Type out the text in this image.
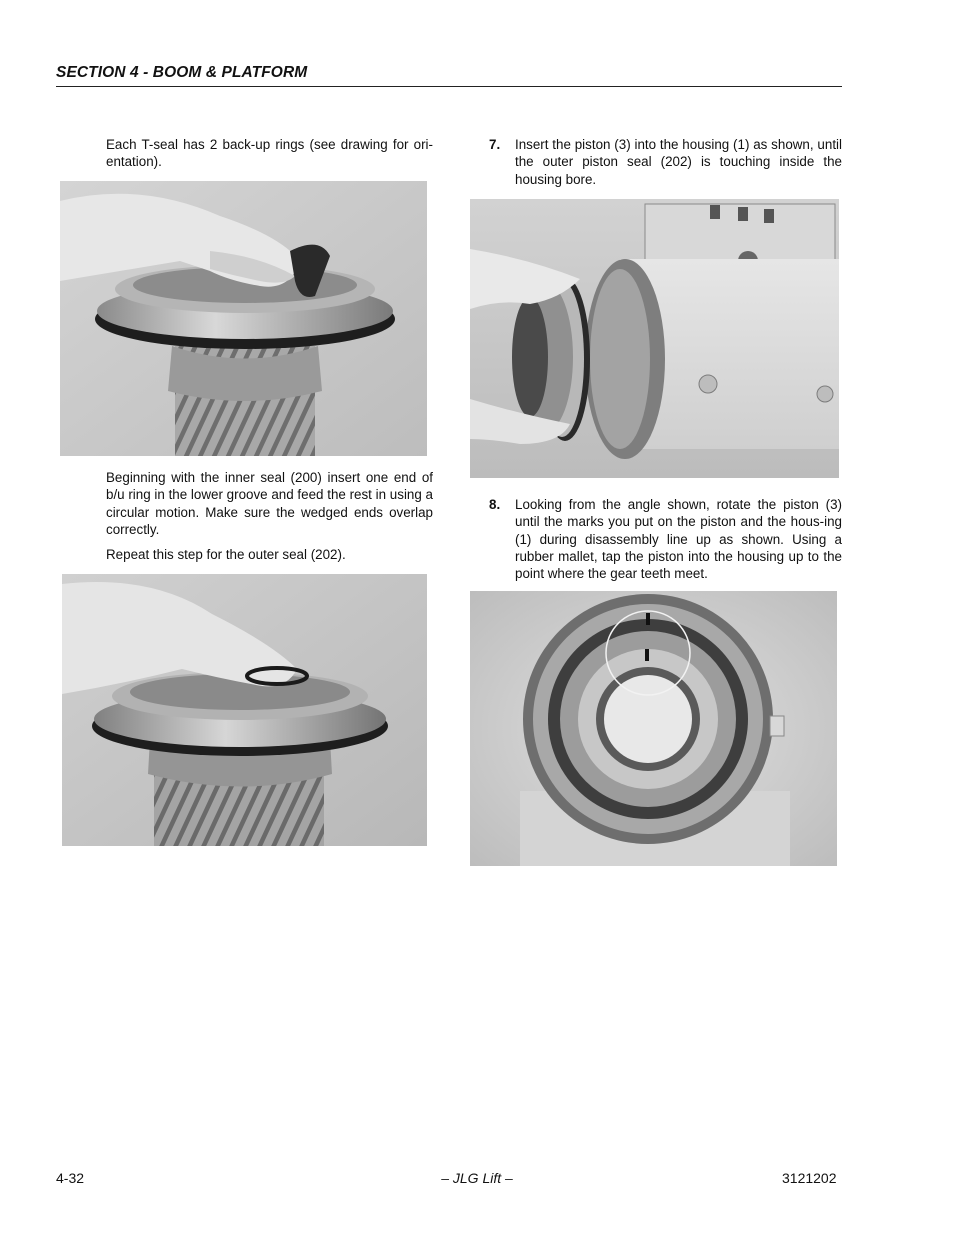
SECTION 4 - BOOM & PLATFORM

Each T-seal has 2 back-up rings (see drawing for ori-entation).

Beginning with the inner seal (200) insert one end of b/u ring in the lower groove and feed the rest in using a circular motion. Make sure the wedged ends overlap correctly.

Repeat this step for the outer seal (202).

7. Insert the piston (3) into the housing (1) as shown, until the outer piston seal (202) is touching inside the housing bore.
8. Looking from the angle shown, rotate the piston (3) until the marks you put on the piston and the hous-ing (1) during disassembly line up as shown. Using a rubber mallet, tap the piston into the housing up to the point where the gear teeth meet.
4-32	– JLG Lift –	3121202
